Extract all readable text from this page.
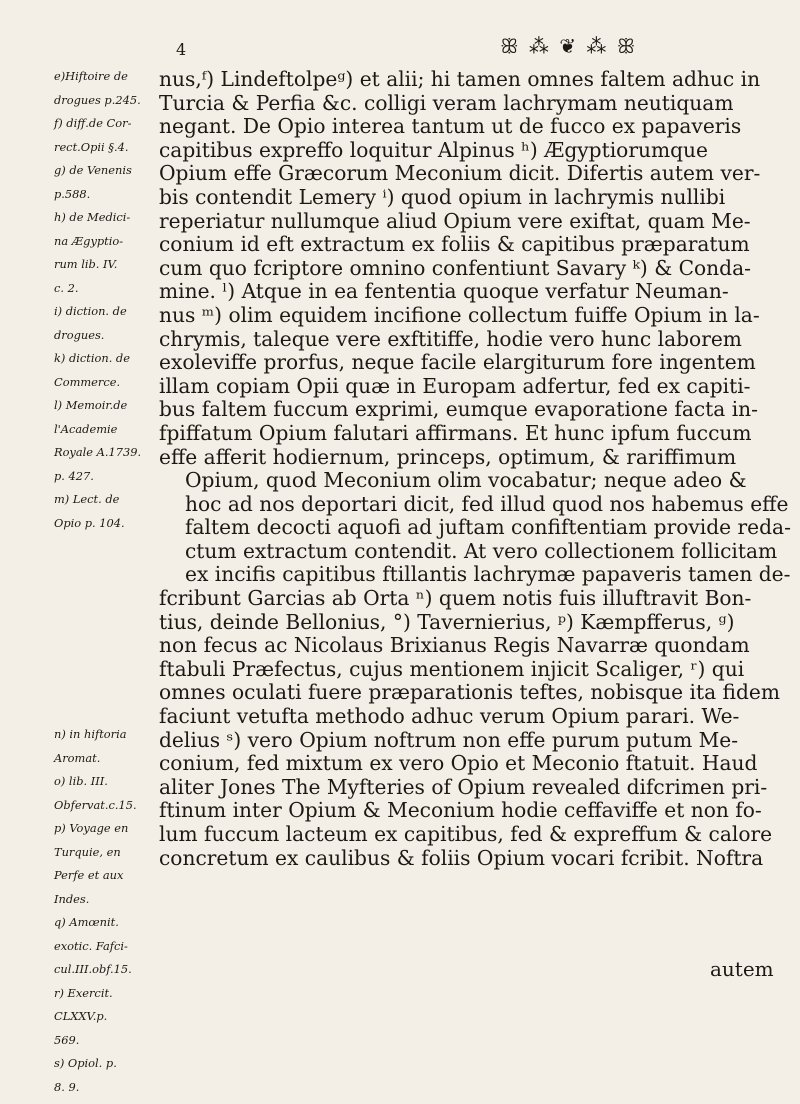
4	ꕥ ⁂ ❦ ⁂ ꕥ
e)Hiftoire de
drogues p.245.
f) diff.de Cor-
rect.Opii §.4.
g) de Venenis
p.588.
h) de Medici-
na Ægyptio-
rum lib. IV.
c. 2.
i) diction. de
drogues.
k) diction. de
Commerce.
l) Memoir.de
l'Academie
Royale A.1739.
p. 427.
m) Lect. de
Opio p. 104.
n) in hiftoria
Aromat.
o) lib. III.
Obfervat.c.15.
p) Voyage en
Turquie, en
Perfe et aux
Indes.
q) Amœnit.
exotic. Fafci-
cul.III.obf.15.
r) Exercit.
CLXXV.p.
569.
s) Opiol. p.
8. 9.
nus,ᶠ) Lindeftolpeᵍ) et alii; hi tamen omnes faltem adhuc in
Turcia & Perfia &c. colligi veram lachrymam neutiquam
negant. De Opio interea tantum ut de fucco ex papaveris
capitibus expreffo loquitur Alpinus ʰ) Ægyptiorumque
Opium effe Græcorum Meconium dicit. Difertis autem ver-
bis contendit Lemery ⁱ) quod opium in lachrymis nullibi
reperiatur nullumque aliud Opium vere exiftat, quam Me-
conium id eft extractum ex foliis & capitibus præparatum
cum quo fcriptore omnino confentiunt Savary ᵏ) & Conda-
mine. ˡ) Atque in ea fententia quoque verfatur Neuman-
nus ᵐ) olim equidem incifione collectum fuiffe Opium in la-
chrymis, taleque vere exftitiffe, hodie vero hunc laborem
exoleviffe prorfus, neque facile elargiturum fore ingentem
illam copiam Opii quæ in Europam adfertur, fed ex capiti-
bus faltem fuccum exprimi, eumque evaporatione facta in-
fpiffatum Opium falutari affirmans. Et hunc ipfum fuccum
effe afferit hodiernum, princeps, optimum, & rariffimum
Opium, quod Meconium olim vocabatur; neque adeo &
hoc ad nos deportari dicit, fed illud quod nos habemus effe
faltem decocti aquofi ad juftam confiftentiam provide reda-
ctum extractum contendit. At vero collectionem follicitam
ex incifis capitibus ftillantis lachrymæ papaveris tamen de-
fcribunt Garcias ab Orta ⁿ) quem notis fuis illuftravit Bon-
tius, deinde Bellonius, °) Tavernierius, ᵖ) Kæmpfferus, ᵍ)
non fecus ac Nicolaus Brixianus Regis Navarræ quondam
ftabuli Præfectus, cujus mentionem injicit Scaliger, ʳ) qui
omnes oculati fuere præparationis teftes, nobisque ita fidem
faciunt vetufta methodo adhuc verum Opium parari. We-
delius ˢ) vero Opium noftrum non effe purum putum Me-
conium, fed mixtum ex vero Opio et Meconio ftatuit. Haud
aliter Jones The Myfteries of Opium revealed difcrimen pri-
ftinum inter Opium & Meconium hodie ceffaviffe et non fo-
lum fuccum lacteum ex capitibus, fed & expreffum & calore
concretum ex caulibus & foliis Opium vocari fcribit. Noftra
autem
